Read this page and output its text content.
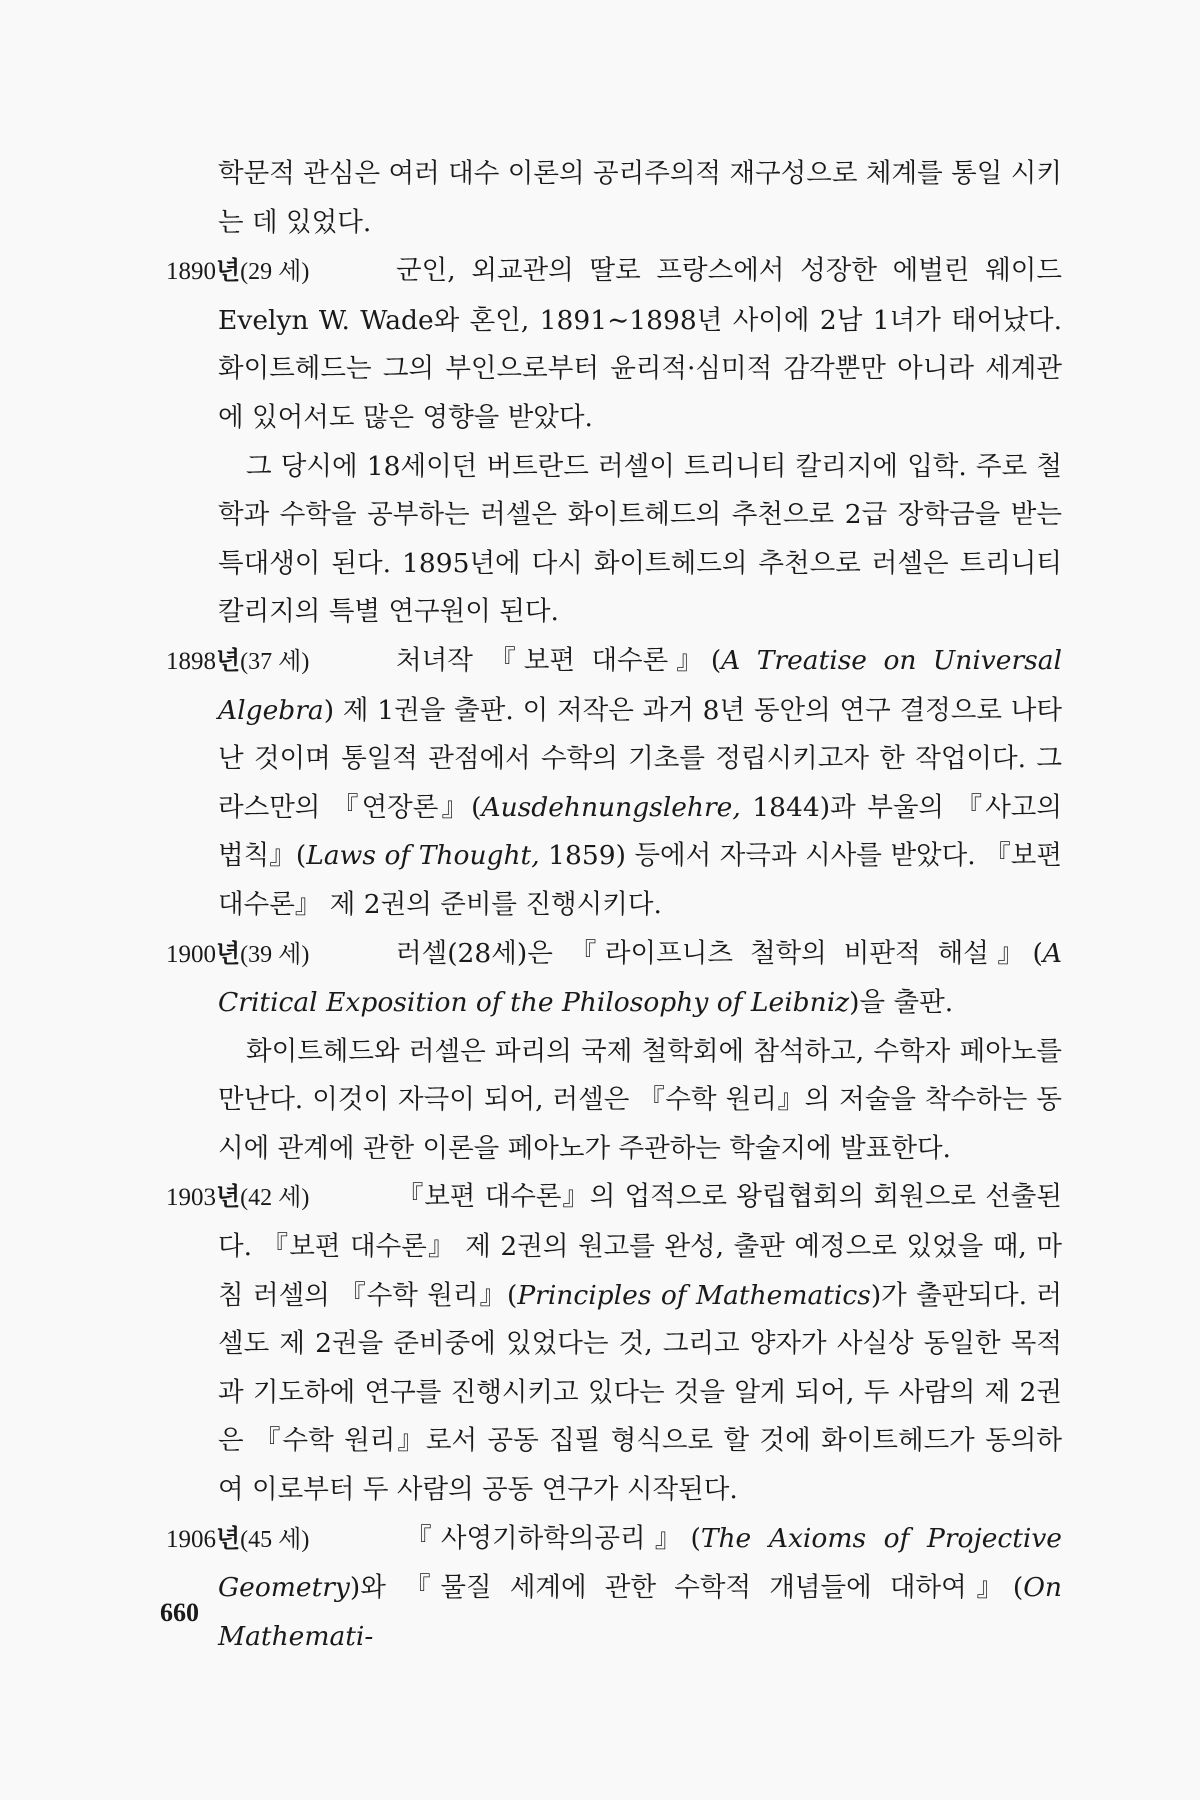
학문적 관심은 여러 대수 이론의 공리주의적 재구성으로 체계를 통일 시키는 데 있었다.

1890년(29 세)	군인, 외교관의 딸로 프랑스에서 성장한 에벌린 웨이드 Evelyn W. Wade와 혼인, 1891∼1898년 사이에 2남 1녀가 태어났다. 화이트헤드는 그의 부인으로부터 윤리적·심미적 감각뿐만 아니라 세계관에 있어서도 많은 영향을 받았다.

그 당시에 18세이던 버트란드 러셀이 트리니티 칼리지에 입학. 주로 철학과 수학을 공부하는 러셀은 화이트헤드의 추천으로 2급 장학금을 받는 특대생이 된다. 1895년에 다시 화이트헤드의 추천으로 러셀은 트리니티 칼리지의 특별 연구원이 된다.

1898년(37 세)	처녀작 『보편 대수론』(A Treatise on Universal Algebra) 제 1권을 출판. 이 저작은 과거 8년 동안의 연구 결정으로 나타난 것이며 통일적 관점에서 수학의 기초를 정립시키고자 한 작업이다. 그라스만의 『연장론』(Ausdehnungslehre, 1844)과 부울의 『사고의 법칙』(Laws of Thought, 1859) 등에서 자극과 시사를 받았다. 『보편 대수론』 제 2권의 준비를 진행시키다.

1900년(39 세)	러셀(28세)은 『라이프니츠 철학의 비판적 해설』(A Critical Exposition of the Philosophy of Leibniz)을 출판.

화이트헤드와 러셀은 파리의 국제 철학회에 참석하고, 수학자 페아노를 만난다. 이것이 자극이 되어, 러셀은 『수학 원리』의 저술을 착수하는 동시에 관계에 관한 이론을 페아노가 주관하는 학술지에 발표한다.

1903년(42 세)	『보편 대수론』의 업적으로 왕립협회의 회원으로 선출된다. 『보편 대수론』 제 2권의 원고를 완성, 출판 예정으로 있었을 때, 마침 러셀의 『수학 원리』(Principles of Mathematics)가 출판되다. 러셀도 제 2권을 준비중에 있었다는 것, 그리고 양자가 사실상 동일한 목적과 기도하에 연구를 진행시키고 있다는 것을 알게 되어, 두 사람의 제 2권은 『수학 원리』로서 공동 집필 형식으로 할 것에 화이트헤드가 동의하여 이로부터 두 사람의 공동 연구가 시작된다.

1906년(45 세)	『사영기하학의공리』(The Axioms of Projective Geometry)와 『물질 세계에 관한 수학적 개념들에 대하여』(On Mathemati-

660
